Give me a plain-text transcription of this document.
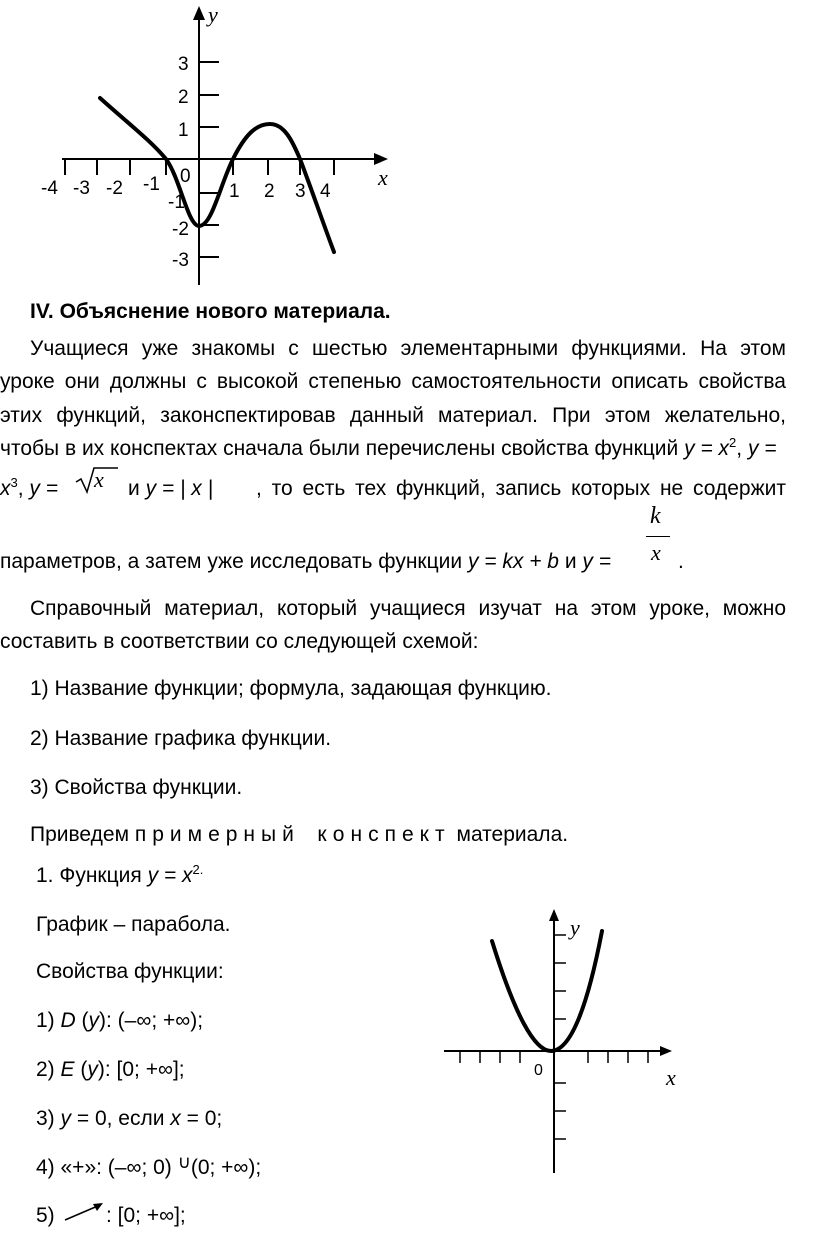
y
x
0
-4 -3 -2 -1	1 2 3 4
3
2
1
-1
-2
-3
IV. Объяснение нового материала.
Учащиеся уже знакомы с шестью элементарными функциями. На этом
уроке они должны с высокой степенью самостоятельности описать свойства
этих функций, законспектировав данный материал. При этом желательно,
чтобы в их конспектах сначала были перечислены свойства функций $y = x^2$, y =
$x^3$, y = x и y = | x | , то есть тех функций, запись которых не содержит
k
x
параметров, а затем уже исследовать функции y = kx + b и y =	.
Справочный материал, который учащиеся изучат на этом уроке, можно
составить в соответствии со следующей схемой:
1) Название функции; формула, задающая функцию.
2) Название графика функции.
3) Свойства функции.
Приведем примерный конспект материала.
1. Функция $y = x^{2.}$
График – парабола.
Свойства функции:
1) D (y): (–∞; +∞);
2) E (y): [0; +∞];
3) y = 0, если x = 0;
4) «+»: (–∞; 0) ∪(0; +∞);
5) : [0; +∞];
y
x
0
